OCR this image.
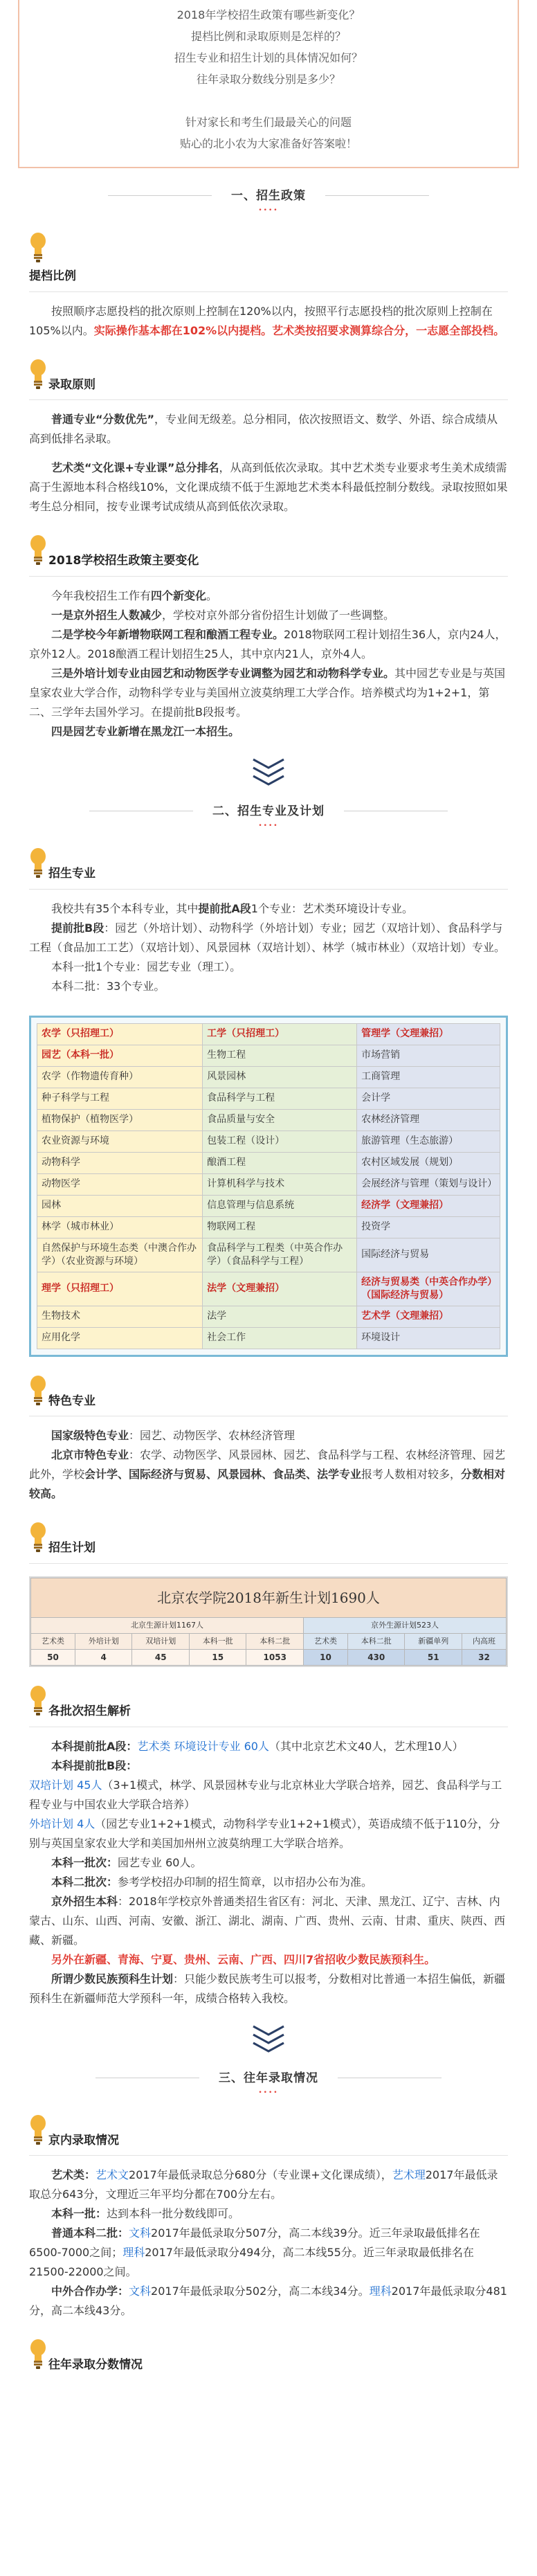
2018年学校招生政策有哪些新变化？
提档比例和录取原则是怎样的？
招生专业和招生计划的具体情况如何？
往年录取分数线分别是多少？
针对家长和考生们最最关心的问题
贴心的北小农为大家准备好答案啦！
一、招生政策
••••
提档比例
按照顺序志愿投档的批次原则上控制在120%以内，按照平行志愿投档的批次原则上控制在105%以内。实际操作基本都在102%以内提档。艺术类按招要求测算综合分，一志愿全部投档。
录取原则
普通专业“分数优先”，专业间无级差。总分相同，依次按照语文、数学、外语、综合成绩从高到低排名录取。
艺术类“文化课+专业课”总分排名，从高到低依次录取。其中艺术类专业要求考生美术成绩需高于生源地本科合格线10%，文化课成绩不低于生源地艺术类本科最低控制分数线。录取按照如果考生总分相同，按专业课考试成绩从高到低依次录取。
2018学校招生政策主要变化
今年我校招生工作有四个新变化。
一是京外招生人数减少，学校对京外部分省份招生计划做了一些调整。
二是学校今年新增物联网工程和酿酒工程专业。2018物联网工程计划招生36人，京内24人，京外12人。2018酿酒工程计划招生25人，其中京内21人，京外4人。
三是外培计划专业由园艺和动物医学专业调整为园艺和动物科学专业。其中园艺专业是与英国皇家农业大学合作，动物科学专业与美国州立波莫纳理工大学合作。培养模式均为1+2+1，第二、三学年去国外学习。在提前批B段报考。
四是园艺专业新增在黑龙江一本招生。
二、招生专业及计划
••••
招生专业
我校共有35个本科专业，其中提前批A段1个专业：艺术类环境设计专业。
提前批B段：园艺（外培计划）、动物科学（外培计划）专业；园艺（双培计划）、食品科学与工程（食品加工工艺）（双培计划）、风景园林（双培计划）、林学（城市林业）（双培计划）专业。
本科一批1个专业：园艺专业（理工）。
本科二批：33个专业。
农学（只招理工）	工学（只招理工）	管理学（文理兼招）
园艺（本科一批）	生物工程	市场营销
农学（作物遗传育种）	风景园林	工商管理
种子科学与工程	食品科学与工程	会计学
植物保护（植物医学）	食品质量与安全	农林经济管理
农业资源与环境	包装工程（设计）	旅游管理（生态旅游）
动物科学	酿酒工程	农村区域发展（规划）
动物医学	计算机科学与技术	会展经济与管理（策划与设计）
园林	信息管理与信息系统	经济学（文理兼招）
林学（城市林业）	物联网工程	投资学
自然保护与环境生态类（中澳合作办学）（农业资源与环境）	食品科学与工程类（中英合作办学）（食品科学与工程）	国际经济与贸易
理学（只招理工）	法学（文理兼招）	经济与贸易类（中英合作办学）（国际经济与贸易）
生物技术	法学	艺术学（文理兼招）
应用化学	社会工作	环境设计
特色专业
国家级特色专业：园艺、动物医学、农林经济管理
北京市特色专业：农学、动物医学、风景园林、园艺、食品科学与工程、农林经济管理、园艺此外，学校会计学、国际经济与贸易、风景园林、食品类、法学专业报考人数相对较多，分数相对较高。
招生计划
北京农学院2018年新生计划1690人								
北京生源计划1167人					京外生源计划523人			
艺术类	外培计划	双培计划	本科一批	本科二批	艺术类	本科二批	新疆单列	内高班
50	4	45	15	1053	10	430	51	32
各批次招生解析
本科提前批A段：艺术类 环境设计专业 60人（其中北京艺术文40人，艺术理10人）
本科提前批B段：
双培计划 45人（3+1模式，林学、风景园林专业与北京林业大学联合培养，园艺、食品科学与工程专业与中国农业大学联合培养）
外培计划 4人（园艺专业1+2+1模式，动物科学专业1+2+1模式），英语成绩不低于110分，分别与英国皇家农业大学和美国加州州立波莫纳理工大学联合培养。
本科一批次：园艺专业 60人。
本科二批次：参考学校招办印制的招生简章，以市招办公布为准。
京外招生本科：2018年学校京外普通类招生省区有：河北、天津、黑龙江、辽宁、吉林、内蒙古、山东、山西、河南、安徽、浙江、湖北、湖南、广西、贵州、云南、甘肃、重庆、陕西、西藏、新疆。
另外在新疆、青海、宁夏、贵州、云南、广西、四川7省招收少数民族预科生。
所谓少数民族预科生计划：只能少数民族考生可以报考，分数相对比普通一本招生偏低，新疆预科生在新疆师范大学预科一年，成绩合格转入我校。
三、往年录取情况
••••
京内录取情况
艺术类：艺术文2017年最低录取总分680分（专业课+文化课成绩），艺术理2017年最低录取总分643分，文理近三年平均分都在700分左右。
本科一批：达到本科一批分数线即可。
普通本科二批：文科2017年最低录取分507分，高二本线39分。近三年录取最低排名在6500-7000之间；理科2017年最低录取分494分，高二本线55分。近三年录取最低排名在21500-22000之间。
中外合作办学：文科2017年最低录取分502分，高二本线34分。理科2017年最低录取分481分，高二本线43分。
往年录取分数情况
